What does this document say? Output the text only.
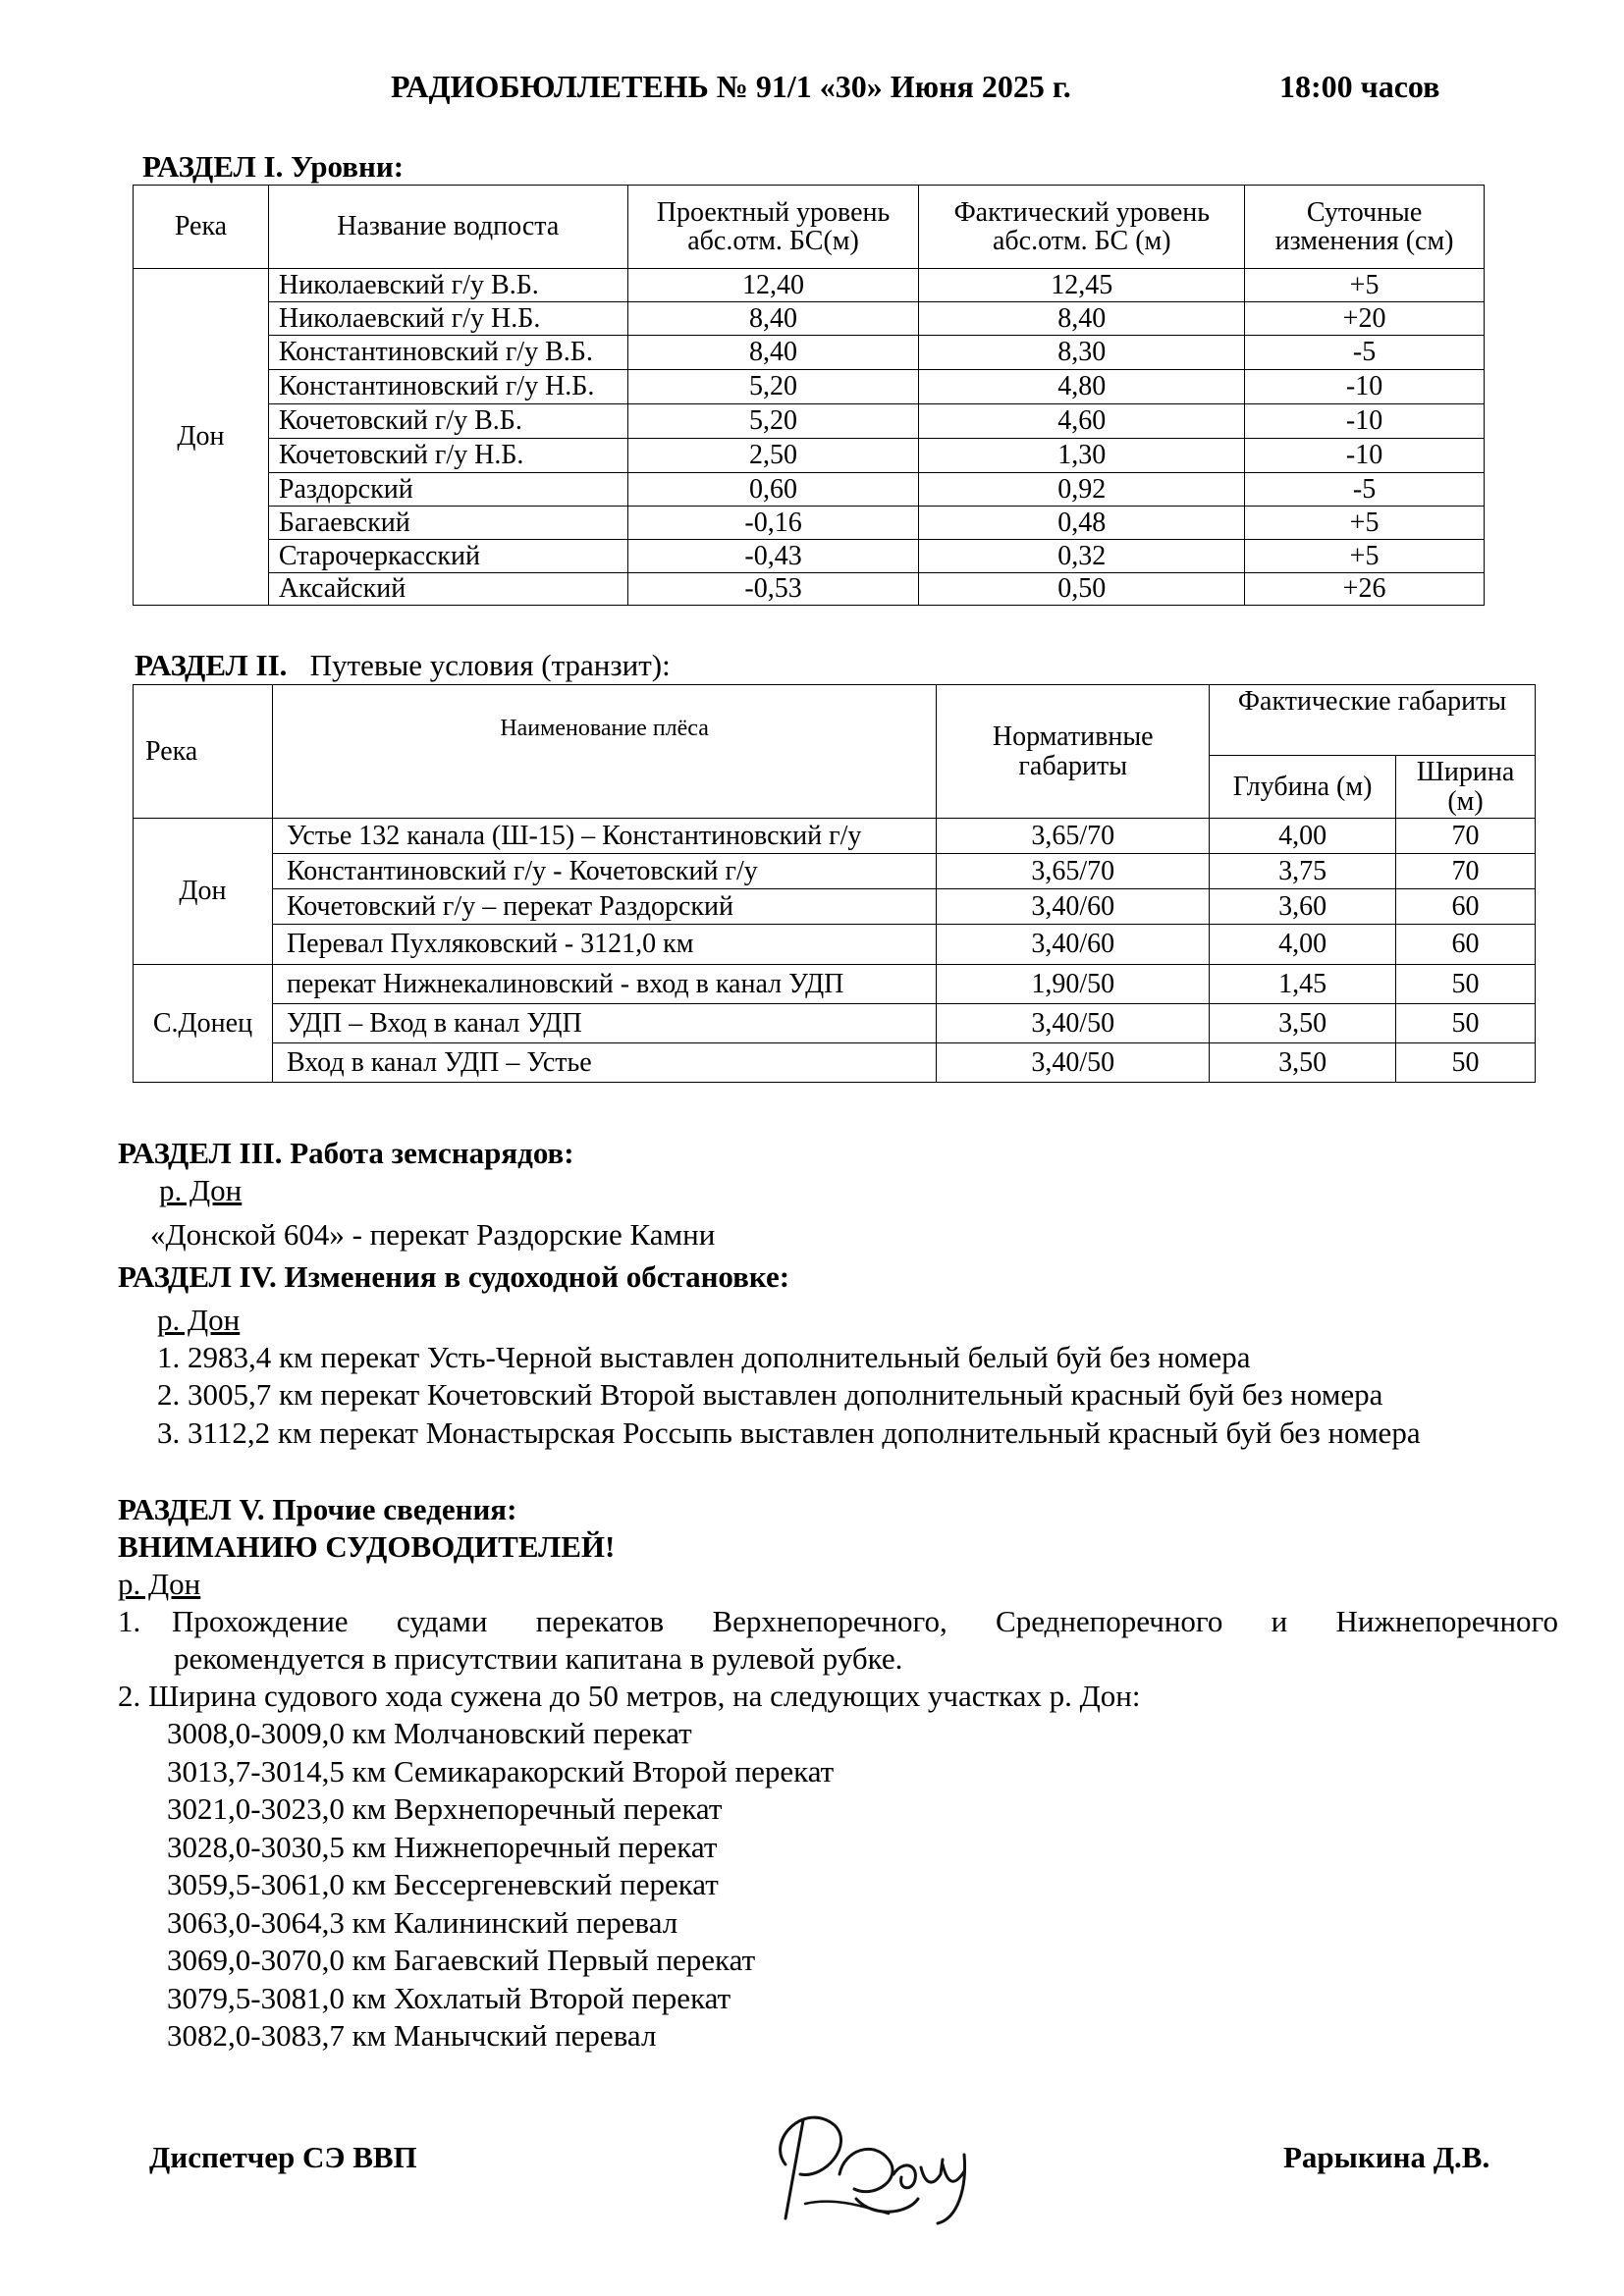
РАДИОБЮЛЛЕТЕНЬ № 91/1 «30» Июня 2025 г.	18:00 часов
РАЗДЕЛ I. Уровни:
Река	Название водпоста	Проектный уровень абс.отм. БС(м)	Фактический уровень абс.отм. БС (м)	Суточные изменения (см)
Дон	Николаевский г/у В.Б.	12,40	12,45	+5
	Николаевский г/у Н.Б.	8,40	8,40	+20
	Константиновский г/у В.Б.	8,40	8,30	-5
	Константиновский г/у Н.Б.	5,20	4,80	-10
	Кочетовский г/у В.Б.	5,20	4,60	-10
	Кочетовский г/у Н.Б.	2,50	1,30	-10
	Раздорский	0,60	0,92	-5
	Багаевский	-0,16	0,48	+5
	Старочеркасский	-0,43	0,32	+5
	Аксайский	-0,53	0,50	+26
РАЗДЕЛ II. Путевые условия (транзит):
Река	Наименование плёса	Нормативные габариты	Фактические габариты	
			Глубина (м)	Ширина (м)
Дон	Устье 132 канала (Ш-15) – Константиновский г/у	3,65/70	4,00	70
	Константиновский г/у - Кочетовский г/у	3,65/70	3,75	70
	Кочетовский г/у – перекат Раздорский	3,40/60	3,60	60
	Перевал Пухляковский - 3121,0 км	3,40/60	4,00	60
С.Донец	перекат Нижнекалиновский - вход в канал УДП	1,90/50	1,45	50
	УДП – Вход в канал УДП	3,40/50	3,50	50
	Вход в канал УДП – Устье	3,40/50	3,50	50
РАЗДЕЛ III. Работа земснарядов:
р. Дон
«Донской 604» - перекат Раздорские Камни
РАЗДЕЛ IV. Изменения в судоходной обстановке:
р. Дон
1. 2983,4 км перекат Усть-Черной выставлен дополнительный белый буй без номера
2. 3005,7 км перекат Кочетовский Второй выставлен дополнительный красный буй без номера
3. 3112,2 км перекат Монастырская Россыпь выставлен дополнительный красный буй без номера
РАЗДЕЛ V. Прочие сведения:
ВНИМАНИЮ СУДОВОДИТЕЛЕЙ!
р. Дон
1. Прохождение судами перекатов Верхнепоречного, Среднепоречного и Нижнепоречного
рекомендуется в присутствии капитана в рулевой рубке.
2. Ширина судового хода сужена до 50 метров, на следующих участках р. Дон:
3008,0-3009,0 км Молчановский перекат
3013,7-3014,5 км Семикаракорский Второй перекат
3021,0-3023,0 км Верхнепоречный перекат
3028,0-3030,5 км Нижнепоречный перекат
3059,5-3061,0 км Бессергеневский перекат
3063,0-3064,3 км Калининский перевал
3069,0-3070,0 км Багаевский Первый перекат
3079,5-3081,0 км Хохлатый Второй перекат
3082,0-3083,7 км Манычский перевал
Диспетчер СЭ ВВП	Рарыкина Д.В.
